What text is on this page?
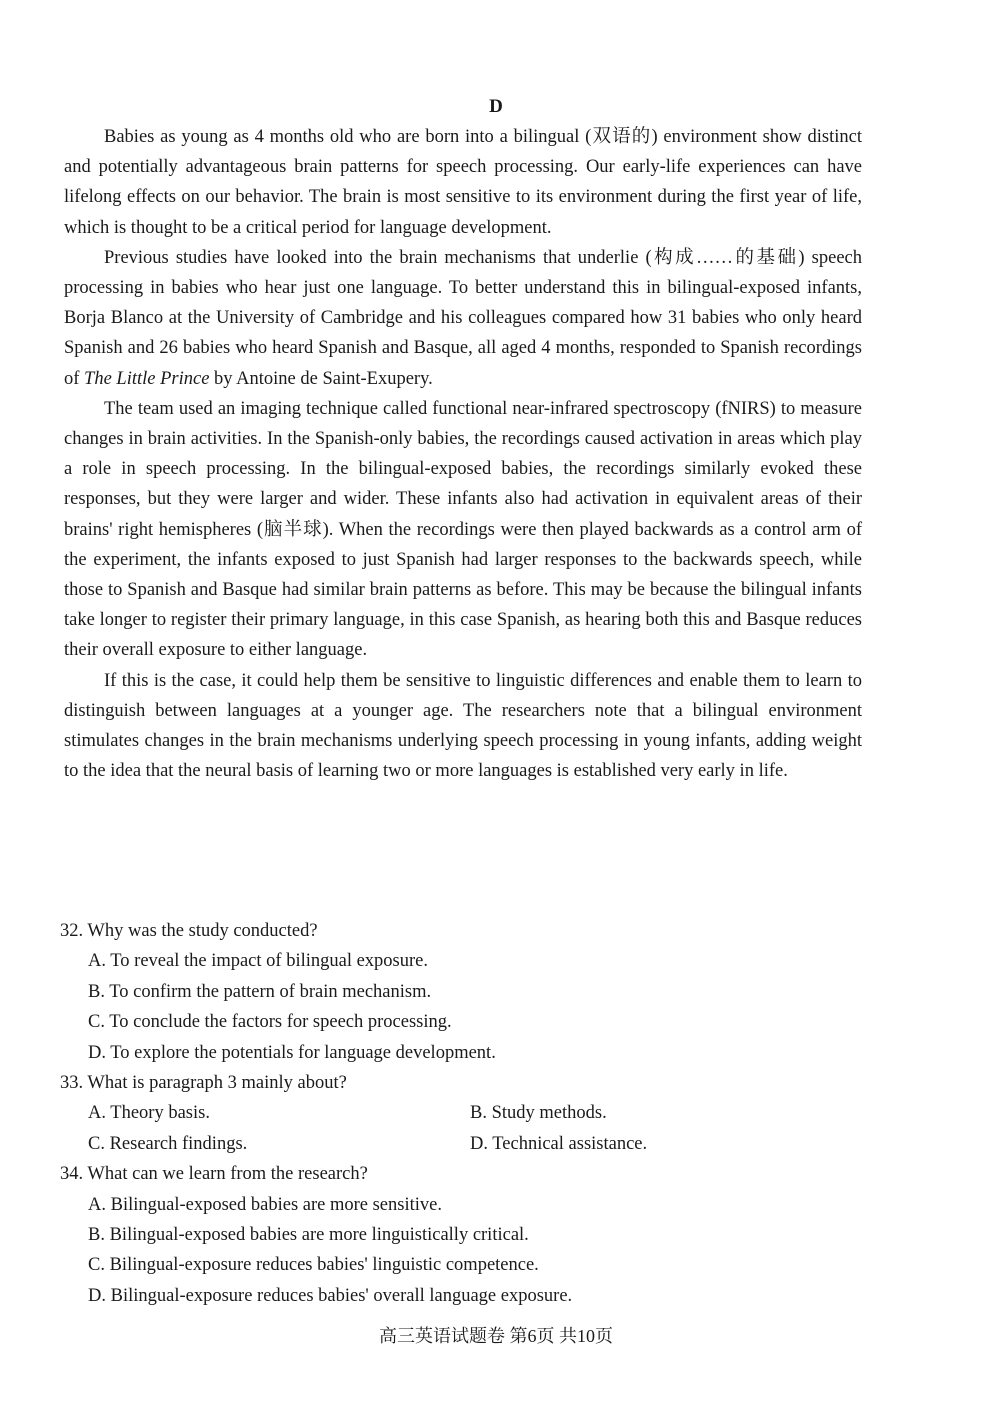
D

Babies as young as 4 months old who are born into a bilingual (双语的) environment show distinct and potentially advantageous brain patterns for speech processing. Our early-life experiences can have lifelong effects on our behavior. The brain is most sensitive to its environment during the first year of life, which is thought to be a critical period for language development.

Previous studies have looked into the brain mechanisms that underlie (构成……的基础) speech processing in babies who hear just one language. To better understand this in bilingual-exposed infants, Borja Blanco at the University of Cambridge and his colleagues compared how 31 babies who only heard Spanish and 26 babies who heard Spanish and Basque, all aged 4 months, responded to Spanish recordings of The Little Prince by Antoine de Saint-Exupery.

The team used an imaging technique called functional near-infrared spectroscopy (fNIRS) to measure changes in brain activities. In the Spanish-only babies, the recordings caused activation in areas which play a role in speech processing. In the bilingual-exposed babies, the recordings similarly evoked these responses, but they were larger and wider. These infants also had activation in equivalent areas of their brains' right hemispheres (脑半球). When the recordings were then played backwards as a control arm of the experiment, the infants exposed to just Spanish had larger responses to the backwards speech, while those to Spanish and Basque had similar brain patterns as before. This may be because the bilingual infants take longer to register their primary language, in this case Spanish, as hearing both this and Basque reduces their overall exposure to either language.

If this is the case, it could help them be sensitive to linguistic differences and enable them to learn to distinguish between languages at a younger age. The researchers note that a bilingual environment stimulates changes in the brain mechanisms underlying speech processing in young infants, adding weight to the idea that the neural basis of learning two or more languages is established very early in life.

32. Why was the study conducted?
A. To reveal the impact of bilingual exposure.
B. To confirm the pattern of brain mechanism.
C. To conclude the factors for speech processing.
D. To explore the potentials for language development.
33. What is paragraph 3 mainly about?
A. Theory basis.	B. Study methods.
C. Research findings.	D. Technical assistance.
34. What can we learn from the research?
A. Bilingual-exposed babies are more sensitive.
B. Bilingual-exposed babies are more linguistically critical.
C. Bilingual-exposure reduces babies' linguistic competence.
D. Bilingual-exposure reduces babies' overall language exposure.
高三英语试题卷 第6页 共10页
